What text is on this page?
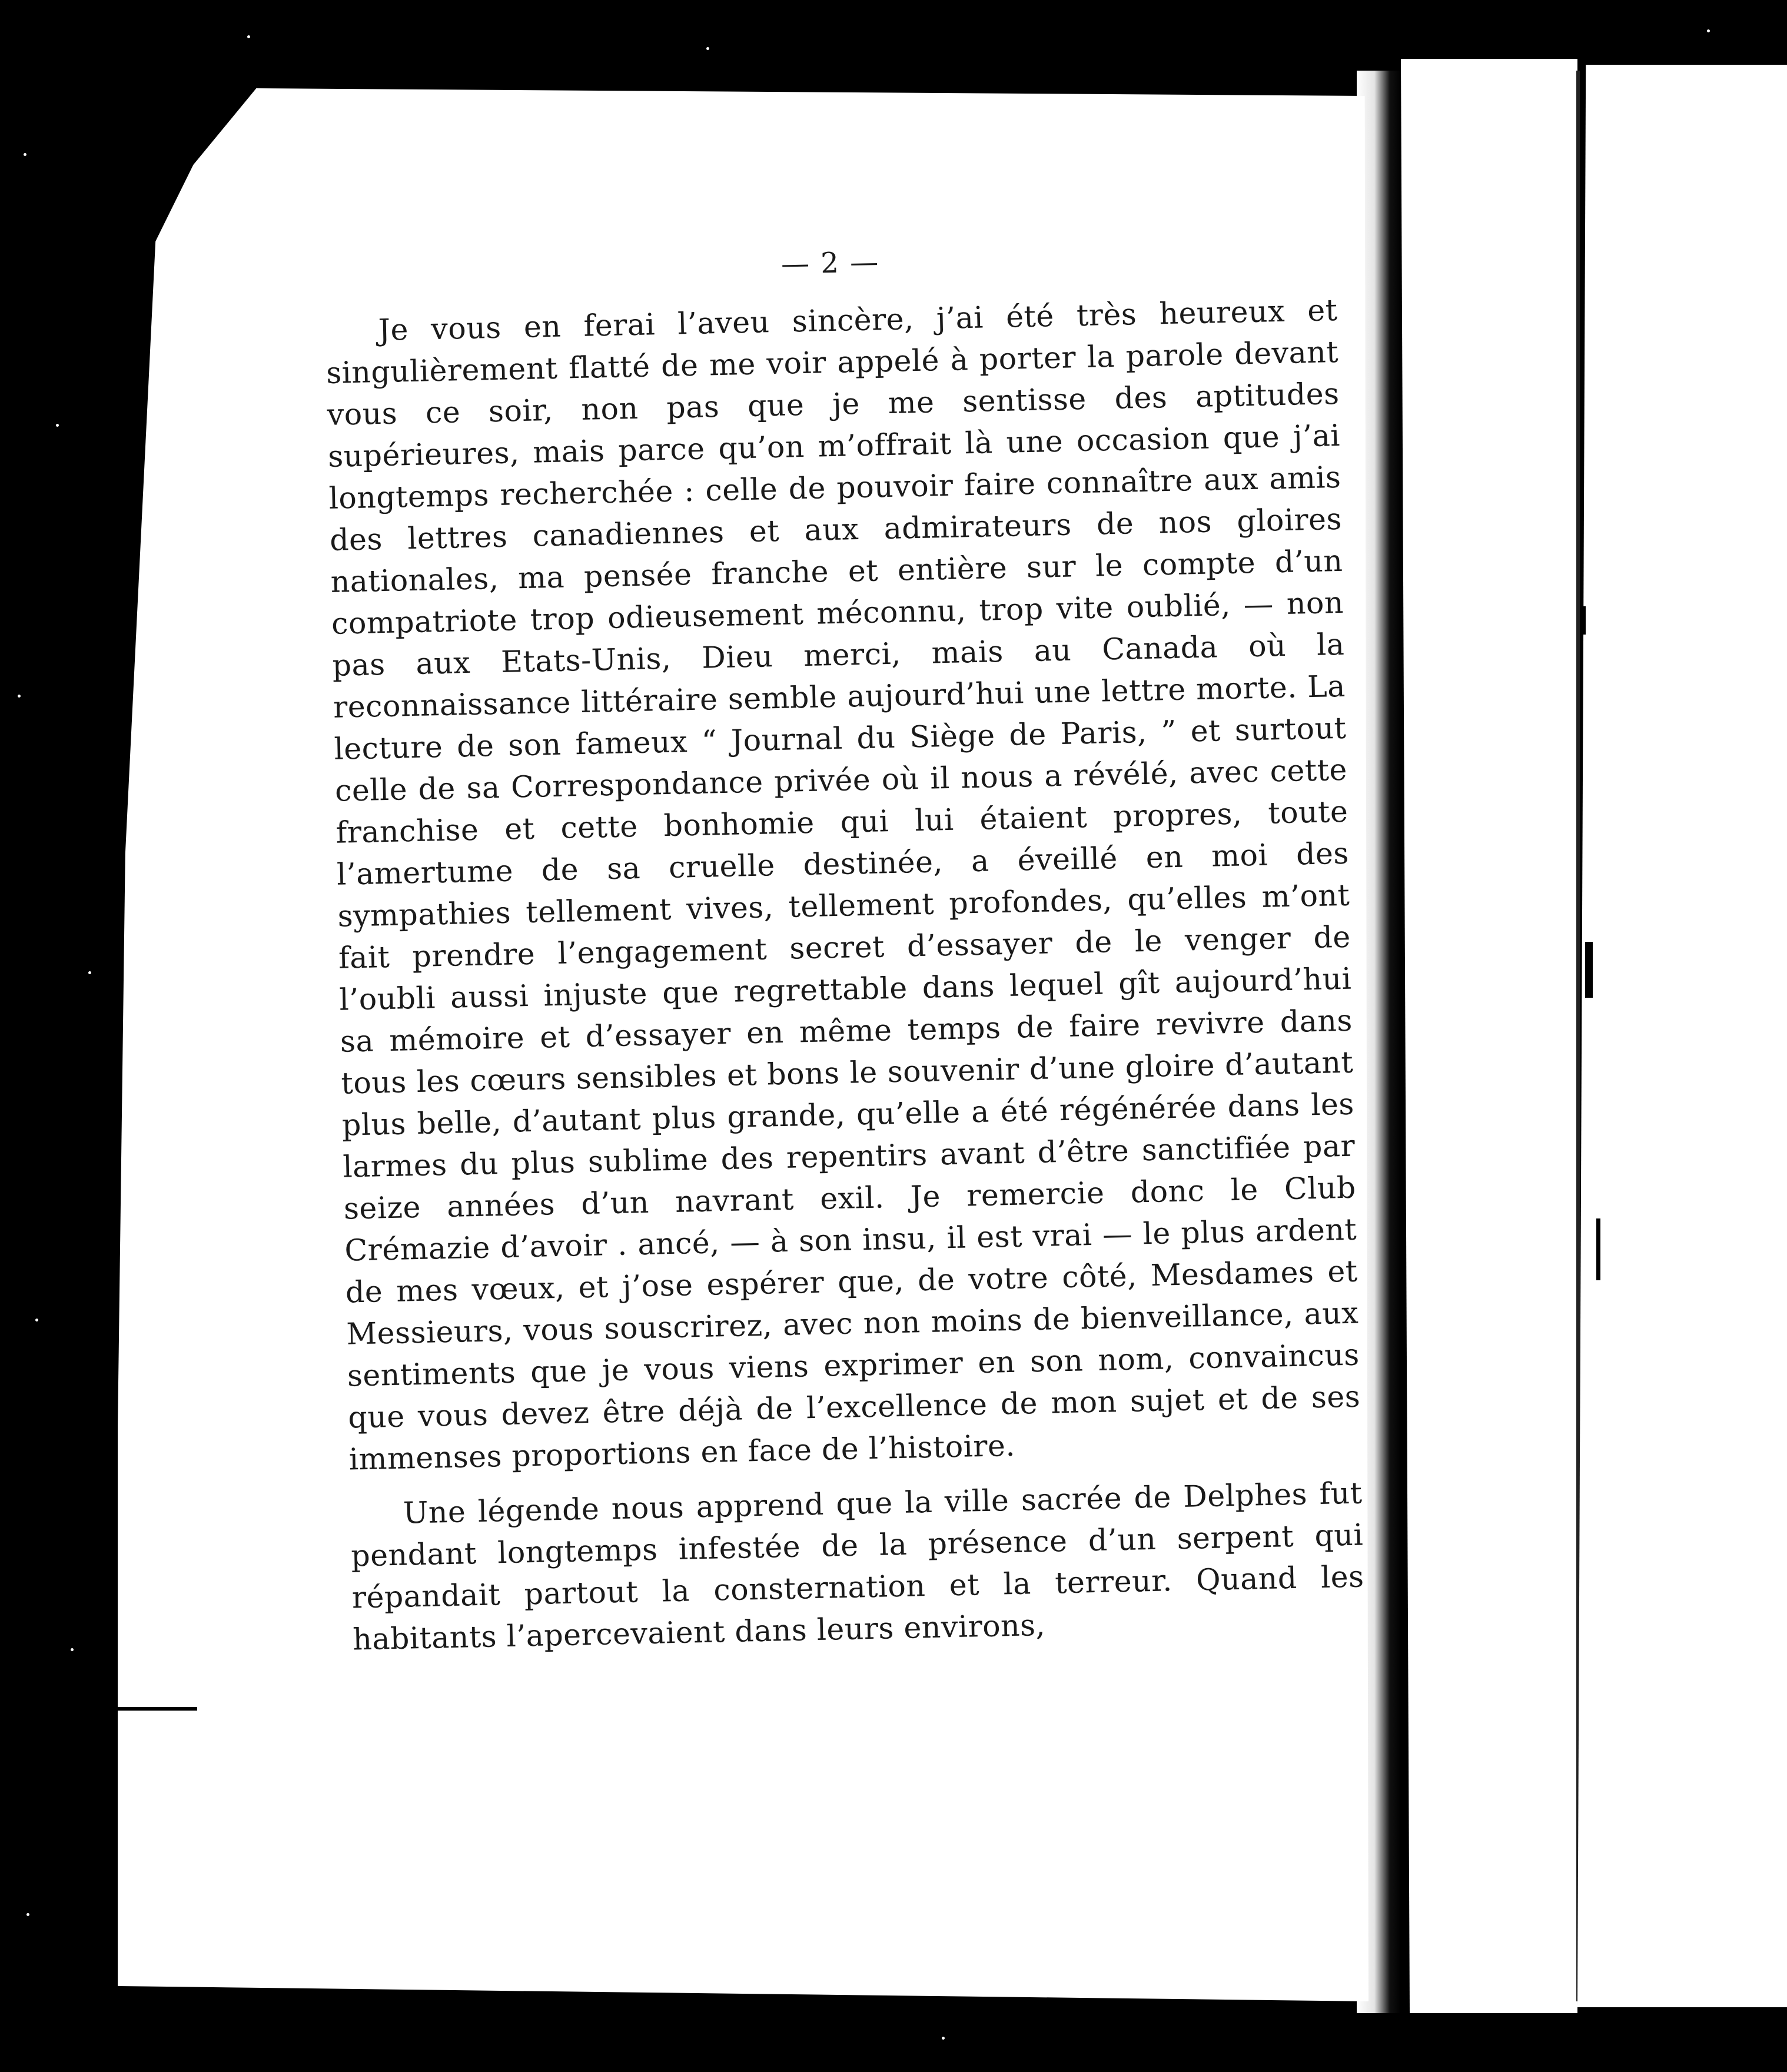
— 2 —

Je vous en ferai l’aveu sincère, j’ai été très heureux et singulièrement flatté de me voir appelé à porter la parole devant vous ce soir, non pas que je me sentisse des aptitudes supérieures, mais parce qu’on m’offrait là une occasion que j’ai longtemps recherchée : celle de pouvoir faire connaître aux amis des lettres canadiennes et aux admirateurs de nos gloires nationales, ma pensée franche et entière sur le compte d’un compatriote trop odieusement méconnu, trop vite oublié, — non pas aux Etats-Unis, Dieu merci, mais au Canada où la reconnaissance littéraire semble aujourd’hui une lettre morte. La lecture de son fameux “ Journal du Siège de Paris, ” et surtout celle de sa Correspondance privée où il nous a révélé, avec cette franchise et cette bonhomie qui lui étaient propres, toute l’amertume de sa cruelle destinée, a éveillé en moi des sympathies tellement vives, tellement profondes, qu’elles m’ont fait prendre l’engagement secret d’essayer de le venger de l’oubli aussi injuste que regrettable dans lequel gît aujourd’hui sa mémoire et d’essayer en même temps de faire revivre dans tous les cœurs sensibles et bons le souvenir d’une gloire d’autant plus belle, d’autant plus grande, qu’elle a été régénérée dans les larmes du plus sublime des repentirs avant d’être sanctifiée par seize années d’un navrant exil. Je remercie donc le Club Crémazie d’avoir . ancé, — à son insu, il est vrai — le plus ardent de mes vœux, et j’ose espérer que, de votre côté, Mesdames et Messieurs, vous souscrirez, avec non moins de bienveillance, aux sentiments que je vous viens exprimer en son nom, convaincus que vous devez être déjà de l’excellence de mon sujet et de ses immenses proportions en face de l’histoire.

Une légende nous apprend que la ville sacrée de Delphes fut pendant longtemps infestée de la présence d’un serpent qui répandait partout la consternation et la terreur. Quand les habitants l’apercevaient dans leurs environs,
